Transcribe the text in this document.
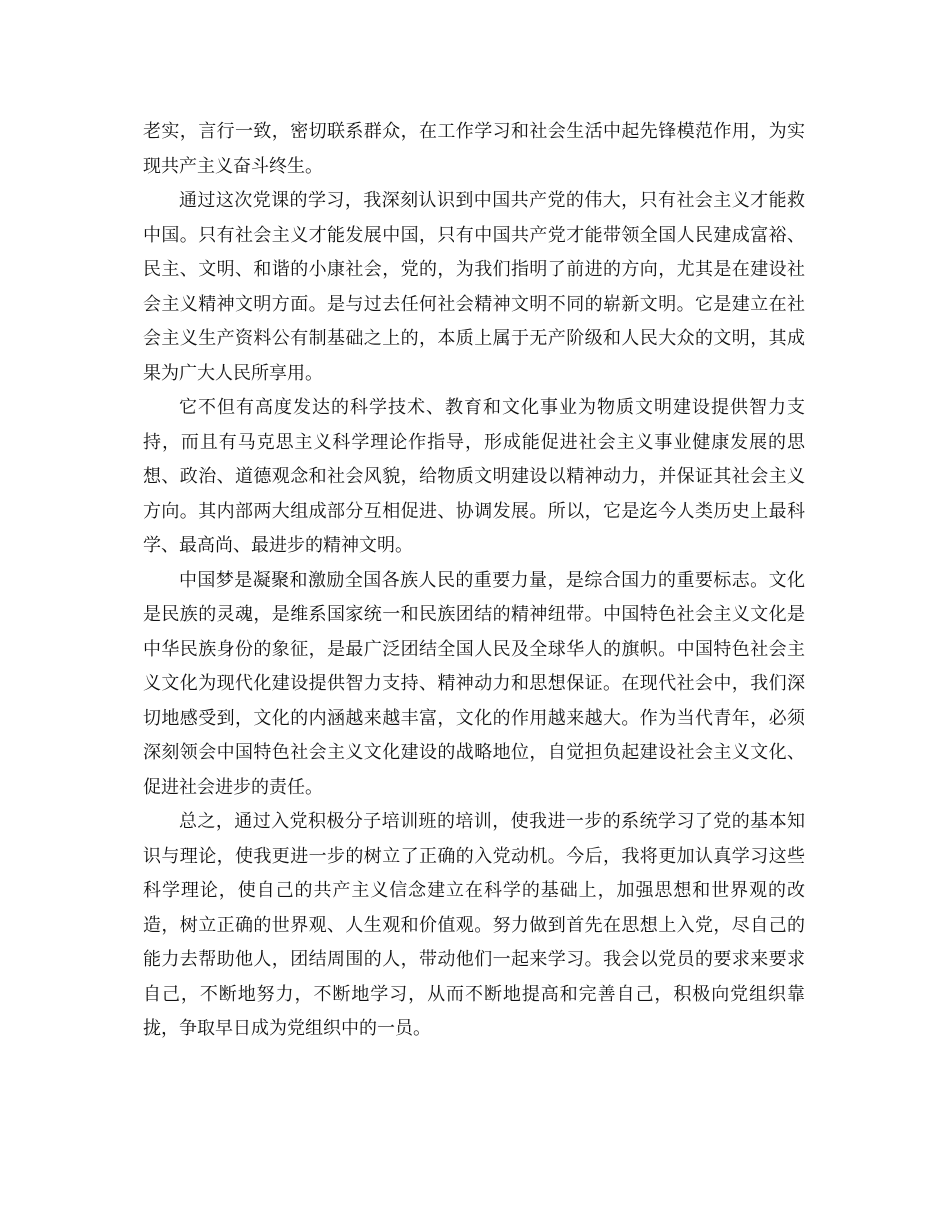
老实，言行一致，密切联系群众，在工作学习和社会生活中起先锋模范作用，为实现共产主义奋斗终生。

通过这次党课的学习，我深刻认识到中国共产党的伟大，只有社会主义才能救中国。只有社会主义才能发展中国，只有中国共产党才能带领全国人民建成富裕、民主、文明、和谐的小康社会，党的，为我们指明了前进的方向，尤其是在建设社会主义精神文明方面。是与过去任何社会精神文明不同的崭新文明。它是建立在社会主义生产资料公有制基础之上的，本质上属于无产阶级和人民大众的文明，其成果为广大人民所享用。

它不但有高度发达的科学技术、教育和文化事业为物质文明建设提供智力支持，而且有马克思主义科学理论作指导，形成能促进社会主义事业健康发展的思想、政治、道德观念和社会风貌，给物质文明建设以精神动力，并保证其社会主义方向。其内部两大组成部分互相促进、协调发展。所以，它是迄今人类历史上最科学、最高尚、最进步的精神文明。

中国梦是凝聚和激励全国各族人民的重要力量，是综合国力的重要标志。文化是民族的灵魂，是维系国家统一和民族团结的精神纽带。中国特色社会主义文化是中华民族身份的象征，是最广泛团结全国人民及全球华人的旗帜。中国特色社会主义文化为现代化建设提供智力支持、精神动力和思想保证。在现代社会中，我们深切地感受到，文化的内涵越来越丰富，文化的作用越来越大。作为当代青年，必须深刻领会中国特色社会主义文化建设的战略地位，自觉担负起建设社会主义文化、促进社会进步的责任。

总之，通过入党积极分子培训班的培训，使我进一步的系统学习了党的基本知识与理论，使我更进一步的树立了正确的入党动机。今后，我将更加认真学习这些科学理论，使自己的共产主义信念建立在科学的基础上，加强思想和世界观的改造，树立正确的世界观、人生观和价值观。努力做到首先在思想上入党，尽自己的能力去帮助他人，团结周围的人，带动他们一起来学习。我会以党员的要求来要求自己，不断地努力，不断地学习，从而不断地提高和完善自己，积极向党组织靠拢，争取早日成为党组织中的一员。
